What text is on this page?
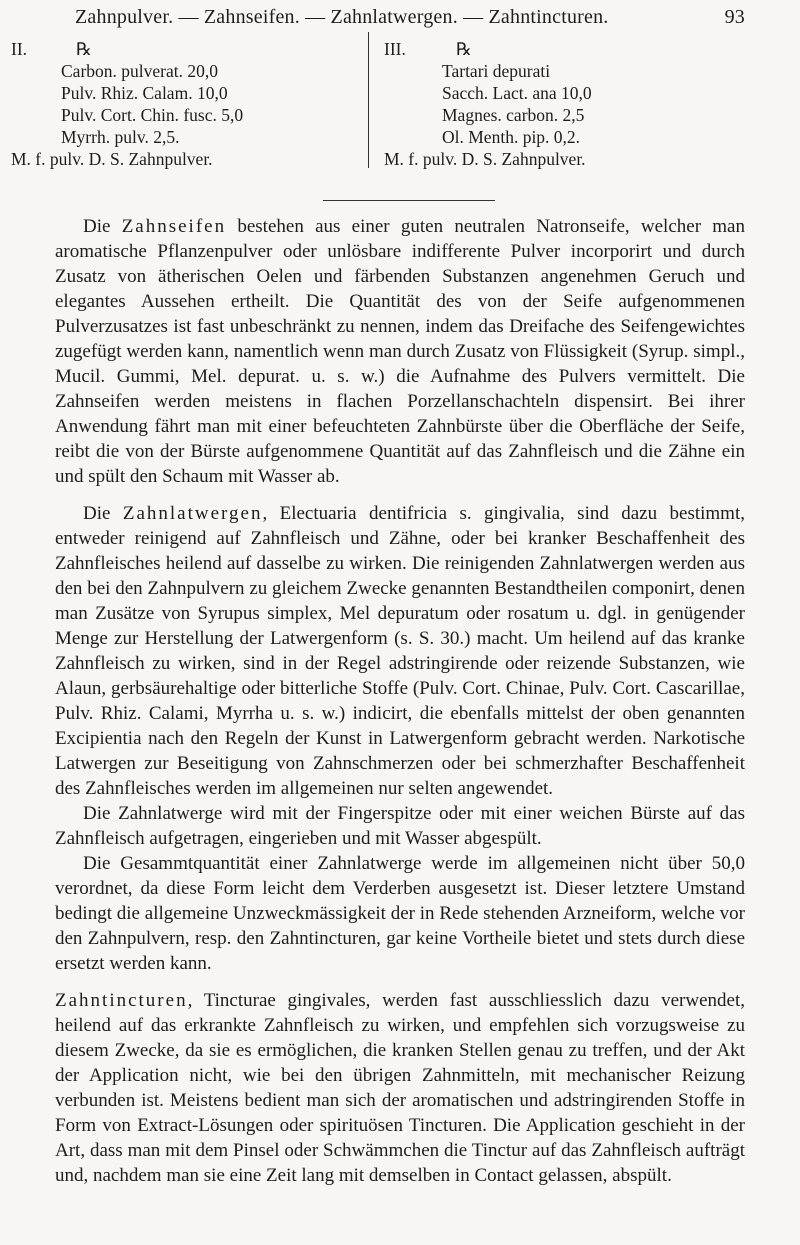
Zahnpulver. — Zahnseifen. — Zahnlatwergen. — Zahntincturen.	93
II.	℞
Carbon. pulverat. 20,0
Pulv. Rhiz. Calam. 10,0
Pulv. Cort. Chin. fusc. 5,0
Myrrh. pulv. 2,5.
M. f. pulv. D. S. Zahnpulver.
III.	℞
Tartari depurati
Sacch. Lact. ana 10,0
Magnes. carbon. 2,5
Ol. Menth. pip. 0,2.
M. f. pulv. D. S. Zahnpulver.

Die Zahnseifen bestehen aus einer guten neutralen Natronseife, welcher man aromatische Pflanzenpulver oder unlösbare indifferente Pulver incorporirt und durch Zusatz von ätherischen Oelen und färbenden Substanzen angenehmen Geruch und elegantes Aussehen ertheilt. Die Quantität des von der Seife aufgenommenen Pulverzusatzes ist fast unbeschränkt zu nennen, indem das Dreifache des Seifengewichtes zugefügt werden kann, namentlich wenn man durch Zusatz von Flüssigkeit (Syrup. simpl., Mucil. Gummi, Mel. depurat. u. s. w.) die Aufnahme des Pulvers vermittelt. Die Zahnseifen werden meistens in flachen Porzellanschachteln dispensirt. Bei ihrer Anwendung fährt man mit einer befeuchteten Zahnbürste über die Oberfläche der Seife, reibt die von der Bürste aufgenommene Quantität auf das Zahnfleisch und die Zähne ein und spült den Schaum mit Wasser ab.

Die Zahnlatwergen, Electuaria dentifricia s. gingivalia, sind dazu bestimmt, entweder reinigend auf Zahnfleisch und Zähne, oder bei kranker Beschaffenheit des Zahnfleisches heilend auf dasselbe zu wirken. Die reinigenden Zahnlatwergen werden aus den bei den Zahnpulvern zu gleichem Zwecke genannten Bestandtheilen componirt, denen man Zusätze von Syrupus simplex, Mel depuratum oder rosatum u. dgl. in genügender Menge zur Herstellung der Latwergenform (s. S. 30.) macht. Um heilend auf das kranke Zahnfleisch zu wirken, sind in der Regel adstringirende oder reizende Substanzen, wie Alaun, gerbsäurehaltige oder bitterliche Stoffe (Pulv. Cort. Chinae, Pulv. Cort. Cascarillae, Pulv. Rhiz. Calami, Myrrha u. s. w.) indicirt, die ebenfalls mittelst der oben genannten Excipientia nach den Regeln der Kunst in Latwergenform gebracht werden. Narkotische Latwergen zur Beseitigung von Zahnschmerzen oder bei schmerzhafter Beschaffenheit des Zahnfleisches werden im allgemeinen nur selten angewendet.

Die Zahnlatwerge wird mit der Fingerspitze oder mit einer weichen Bürste auf das Zahnfleisch aufgetragen, eingerieben und mit Wasser abgespült.

Die Gesammtquantität einer Zahnlatwerge werde im allgemeinen nicht über 50,0 verordnet, da diese Form leicht dem Verderben ausgesetzt ist. Dieser letztere Umstand bedingt die allgemeine Unzweckmässigkeit der in Rede stehenden Arzneiform, welche vor den Zahnpulvern, resp. den Zahntincturen, gar keine Vortheile bietet und stets durch diese ersetzt werden kann.

Zahntincturen, Tincturae gingivales, werden fast ausschliesslich dazu verwendet, heilend auf das erkrankte Zahnfleisch zu wirken, und empfehlen sich vorzugsweise zu diesem Zwecke, da sie es ermöglichen, die kranken Stellen genau zu treffen, und der Akt der Application nicht, wie bei den übrigen Zahnmitteln, mit mechanischer Reizung verbunden ist. Meistens bedient man sich der aromatischen und adstringirenden Stoffe in Form von Extract-Lösungen oder spirituösen Tincturen. Die Application geschieht in der Art, dass man mit dem Pinsel oder Schwämmchen die Tinctur auf das Zahnfleisch aufträgt und, nachdem man sie eine Zeit lang mit demselben in Contact gelassen, abspült.
